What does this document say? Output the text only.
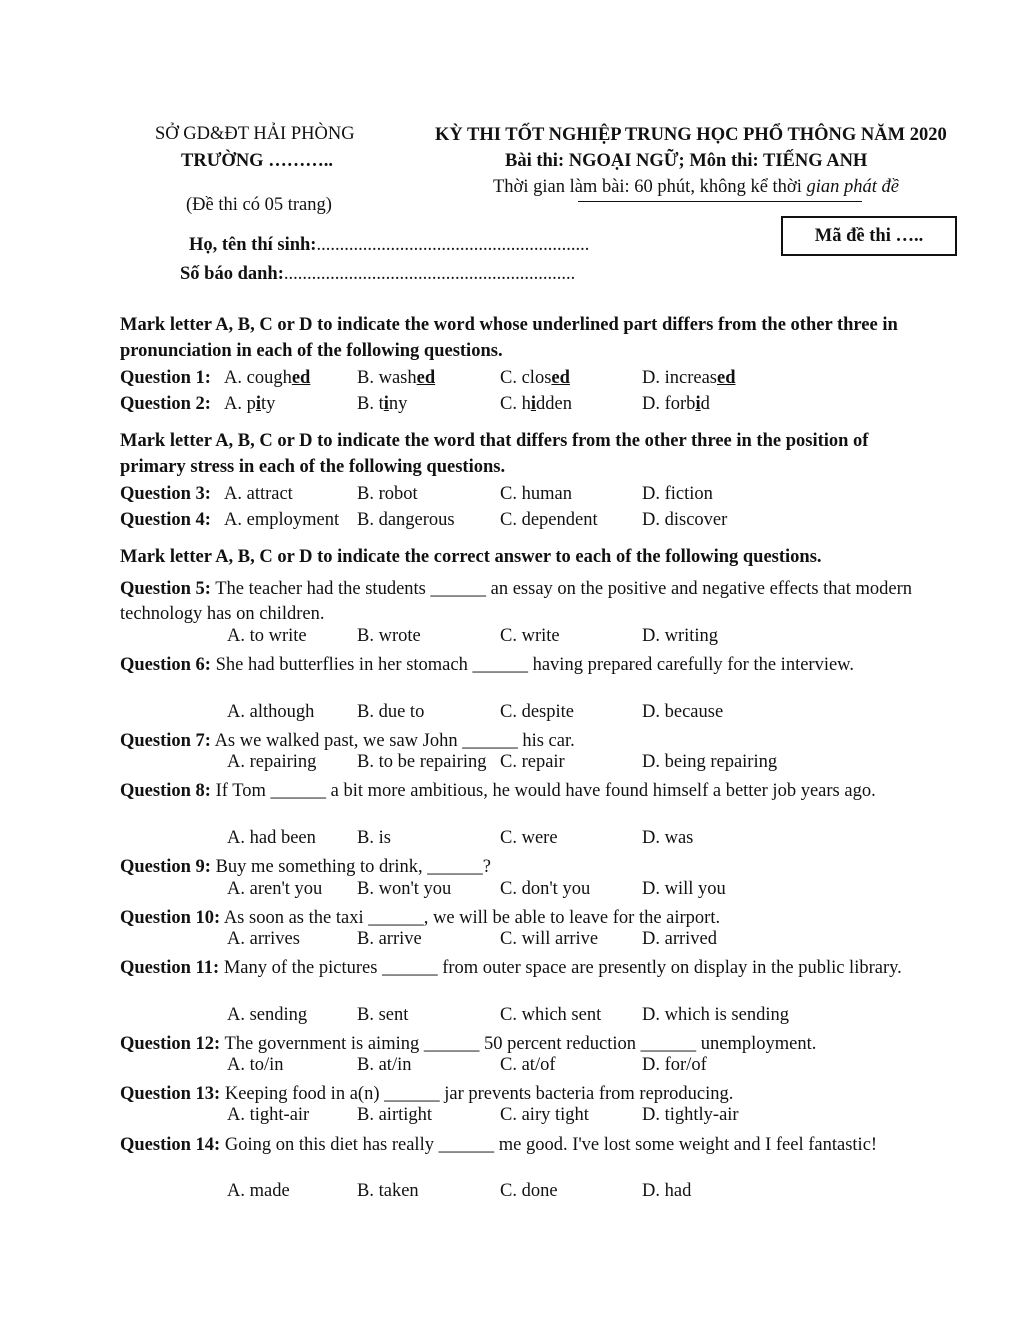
SỞ GD&ĐT HẢI PHÒNG
TRƯỜNG ………..
(Đề thi có 05 trang)
KỲ THI TỐT NGHIỆP TRUNG HỌC PHỔ THÔNG NĂM 2020
Bài thi: NGOẠI NGỮ; Môn thi: TIẾNG ANH
Thời gian làm bài: 60 phút, không kể thời gian phát đề
Họ, tên thí sinh:...........................................................
Số báo danh:...............................................................
Mã đề thi …..
Mark letter A, B, C or D to indicate the word whose underlined part differs from the other three in pronunciation in each of the following questions.
Question 1: A. coughed	B. washed	C. closed	D. increased
Question 2: A. pity	B. tiny	C. hidden	D. forbid
Mark letter A, B, C or D to indicate the word that differs from the other three in the position of primary stress in each of the following questions.
Question 3: A. attract	B. robot	C. human	D. fiction
Question 4: A. employment B. dangerous C. dependent D. discover
Mark letter A, B, C or D to indicate the correct answer to each of the following questions.
Question 5: The teacher had the students ______ an essay on the positive and negative effects that modern technology has on children.
A. to write	B. wrote	C. write	D. writing
Question 6: She had butterflies in her stomach ______ having prepared carefully for the interview.
A. although B. due to	C. despite	D. because
Question 7: As we walked past, we saw John ______ his car.
A. repairing B. to be repairing C. repair	D. being repairing
Question 8: If Tom ______ a bit more ambitious, he would have found himself a better job years ago.
A. had been B. is	C. were	D. was
Question 9: Buy me something to drink, ______?
A. aren't you B. won't you	C. don't you	D. will you
Question 10: As soon as the taxi ______, we will be able to leave for the airport.
A. arrives	B. arrive	C. will arrive D. arrived
Question 11: Many of the pictures ______ from outer space are presently on display in the public library.
A. sending	B. sent	C. which sent D. which is sending
Question 12: The government is aiming ______ 50 percent reduction ______ unemployment.
A. to/in	B. at/in	C. at/of	D. for/of
Question 13: Keeping food in a(n) ______ jar prevents bacteria from reproducing.
A. tight-air	B. airtight	C. airy tight	D. tightly-air
Question 14: Going on this diet has really ______ me good. I've lost some weight and I feel fantastic!
A. made	B. taken	C. done	D. had
